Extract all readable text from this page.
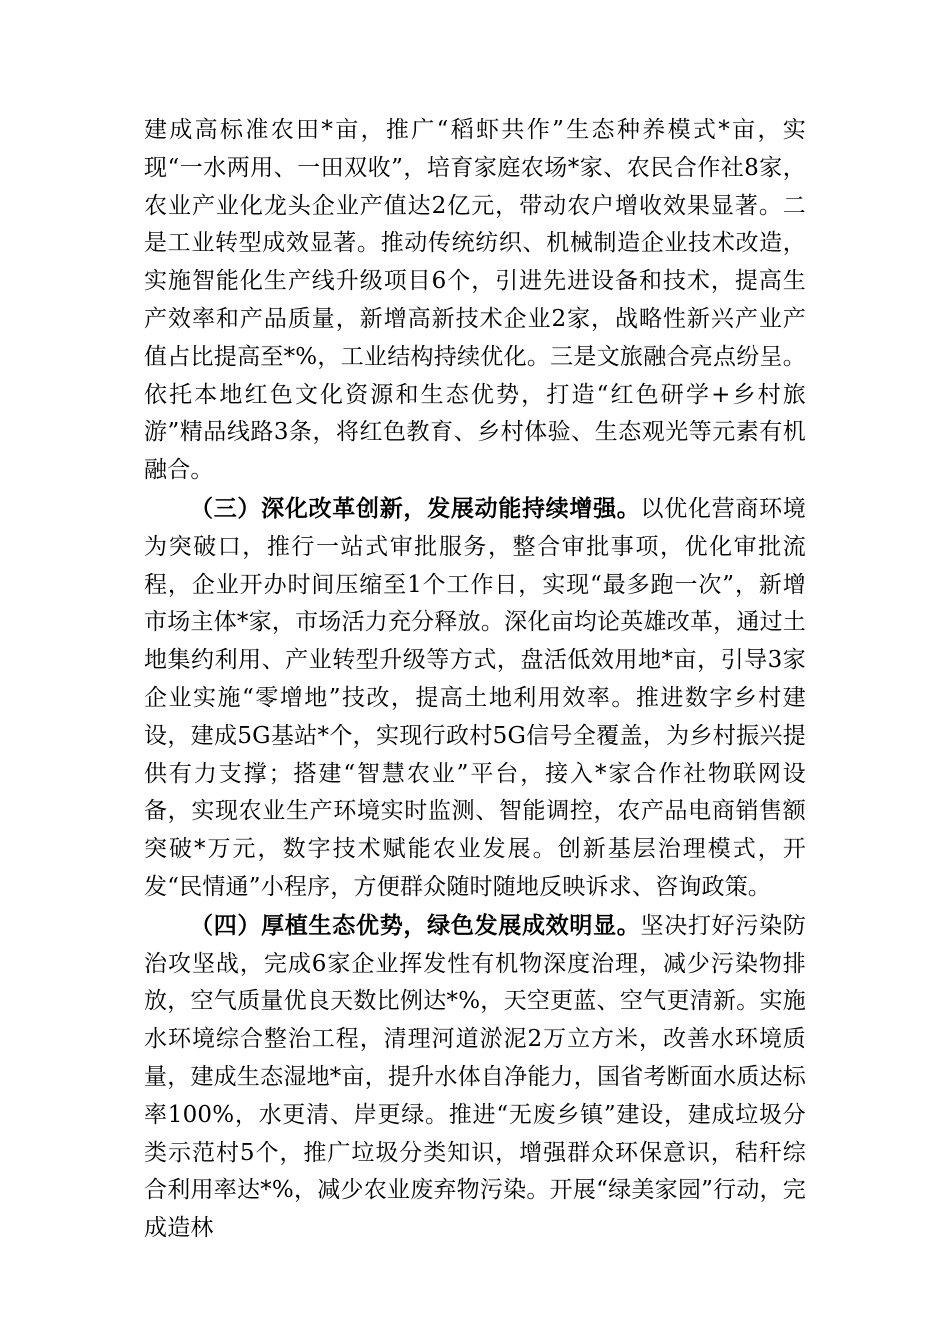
建成高标准农田*亩，推广“稻虾共作”生态种养模式*亩，实现“一水两用、一田双收”，培育家庭农场*家、农民合作社8家，农业产业化龙头企业产值达2亿元，带动农户增收效果显著。二是工业转型成效显著。推动传统纺织、机械制造企业技术改造，实施智能化生产线升级项目6个，引进先进设备和技术，提高生产效率和产品质量，新增高新技术企业2家，战略性新兴产业产值占比提高至*%，工业结构持续优化。三是文旅融合亮点纷呈。依托本地红色文化资源和生态优势，打造“红色研学+乡村旅游”精品线路3条，将红色教育、乡村体验、生态观光等元素有机融合。

（三）深化改革创新，发展动能持续增强。以优化营商环境为突破口，推行一站式审批服务，整合审批事项，优化审批流程，企业开办时间压缩至1个工作日，实现“最多跑一次”，新增市场主体*家，市场活力充分释放。深化亩均论英雄改革，通过土地集约利用、产业转型升级等方式，盘活低效用地*亩，引导3家企业实施“零增地”技改，提高土地利用效率。推进数字乡村建设，建成5G基站*个，实现行政村5G信号全覆盖，为乡村振兴提供有力支撑；搭建“智慧农业”平台，接入*家合作社物联网设备，实现农业生产环境实时监测、智能调控，农产品电商销售额突破*万元，数字技术赋能农业发展。创新基层治理模式，开发“民情通”小程序，方便群众随时随地反映诉求、咨询政策。

（四）厚植生态优势，绿色发展成效明显。坚决打好污染防治攻坚战，完成6家企业挥发性有机物深度治理，减少污染物排放，空气质量优良天数比例达*%，天空更蓝、空气更清新。实施水环境综合整治工程，清理河道淤泥2万立方米，改善水环境质量，建成生态湿地*亩，提升水体自净能力，国省考断面水质达标率100%，水更清、岸更绿。推进“无废乡镇”建设，建成垃圾分类示范村5个，推广垃圾分类知识，增强群众环保意识，秸秆综合利用率达*%，减少农业废弃物污染。开展“绿美家园”行动，完成造林
